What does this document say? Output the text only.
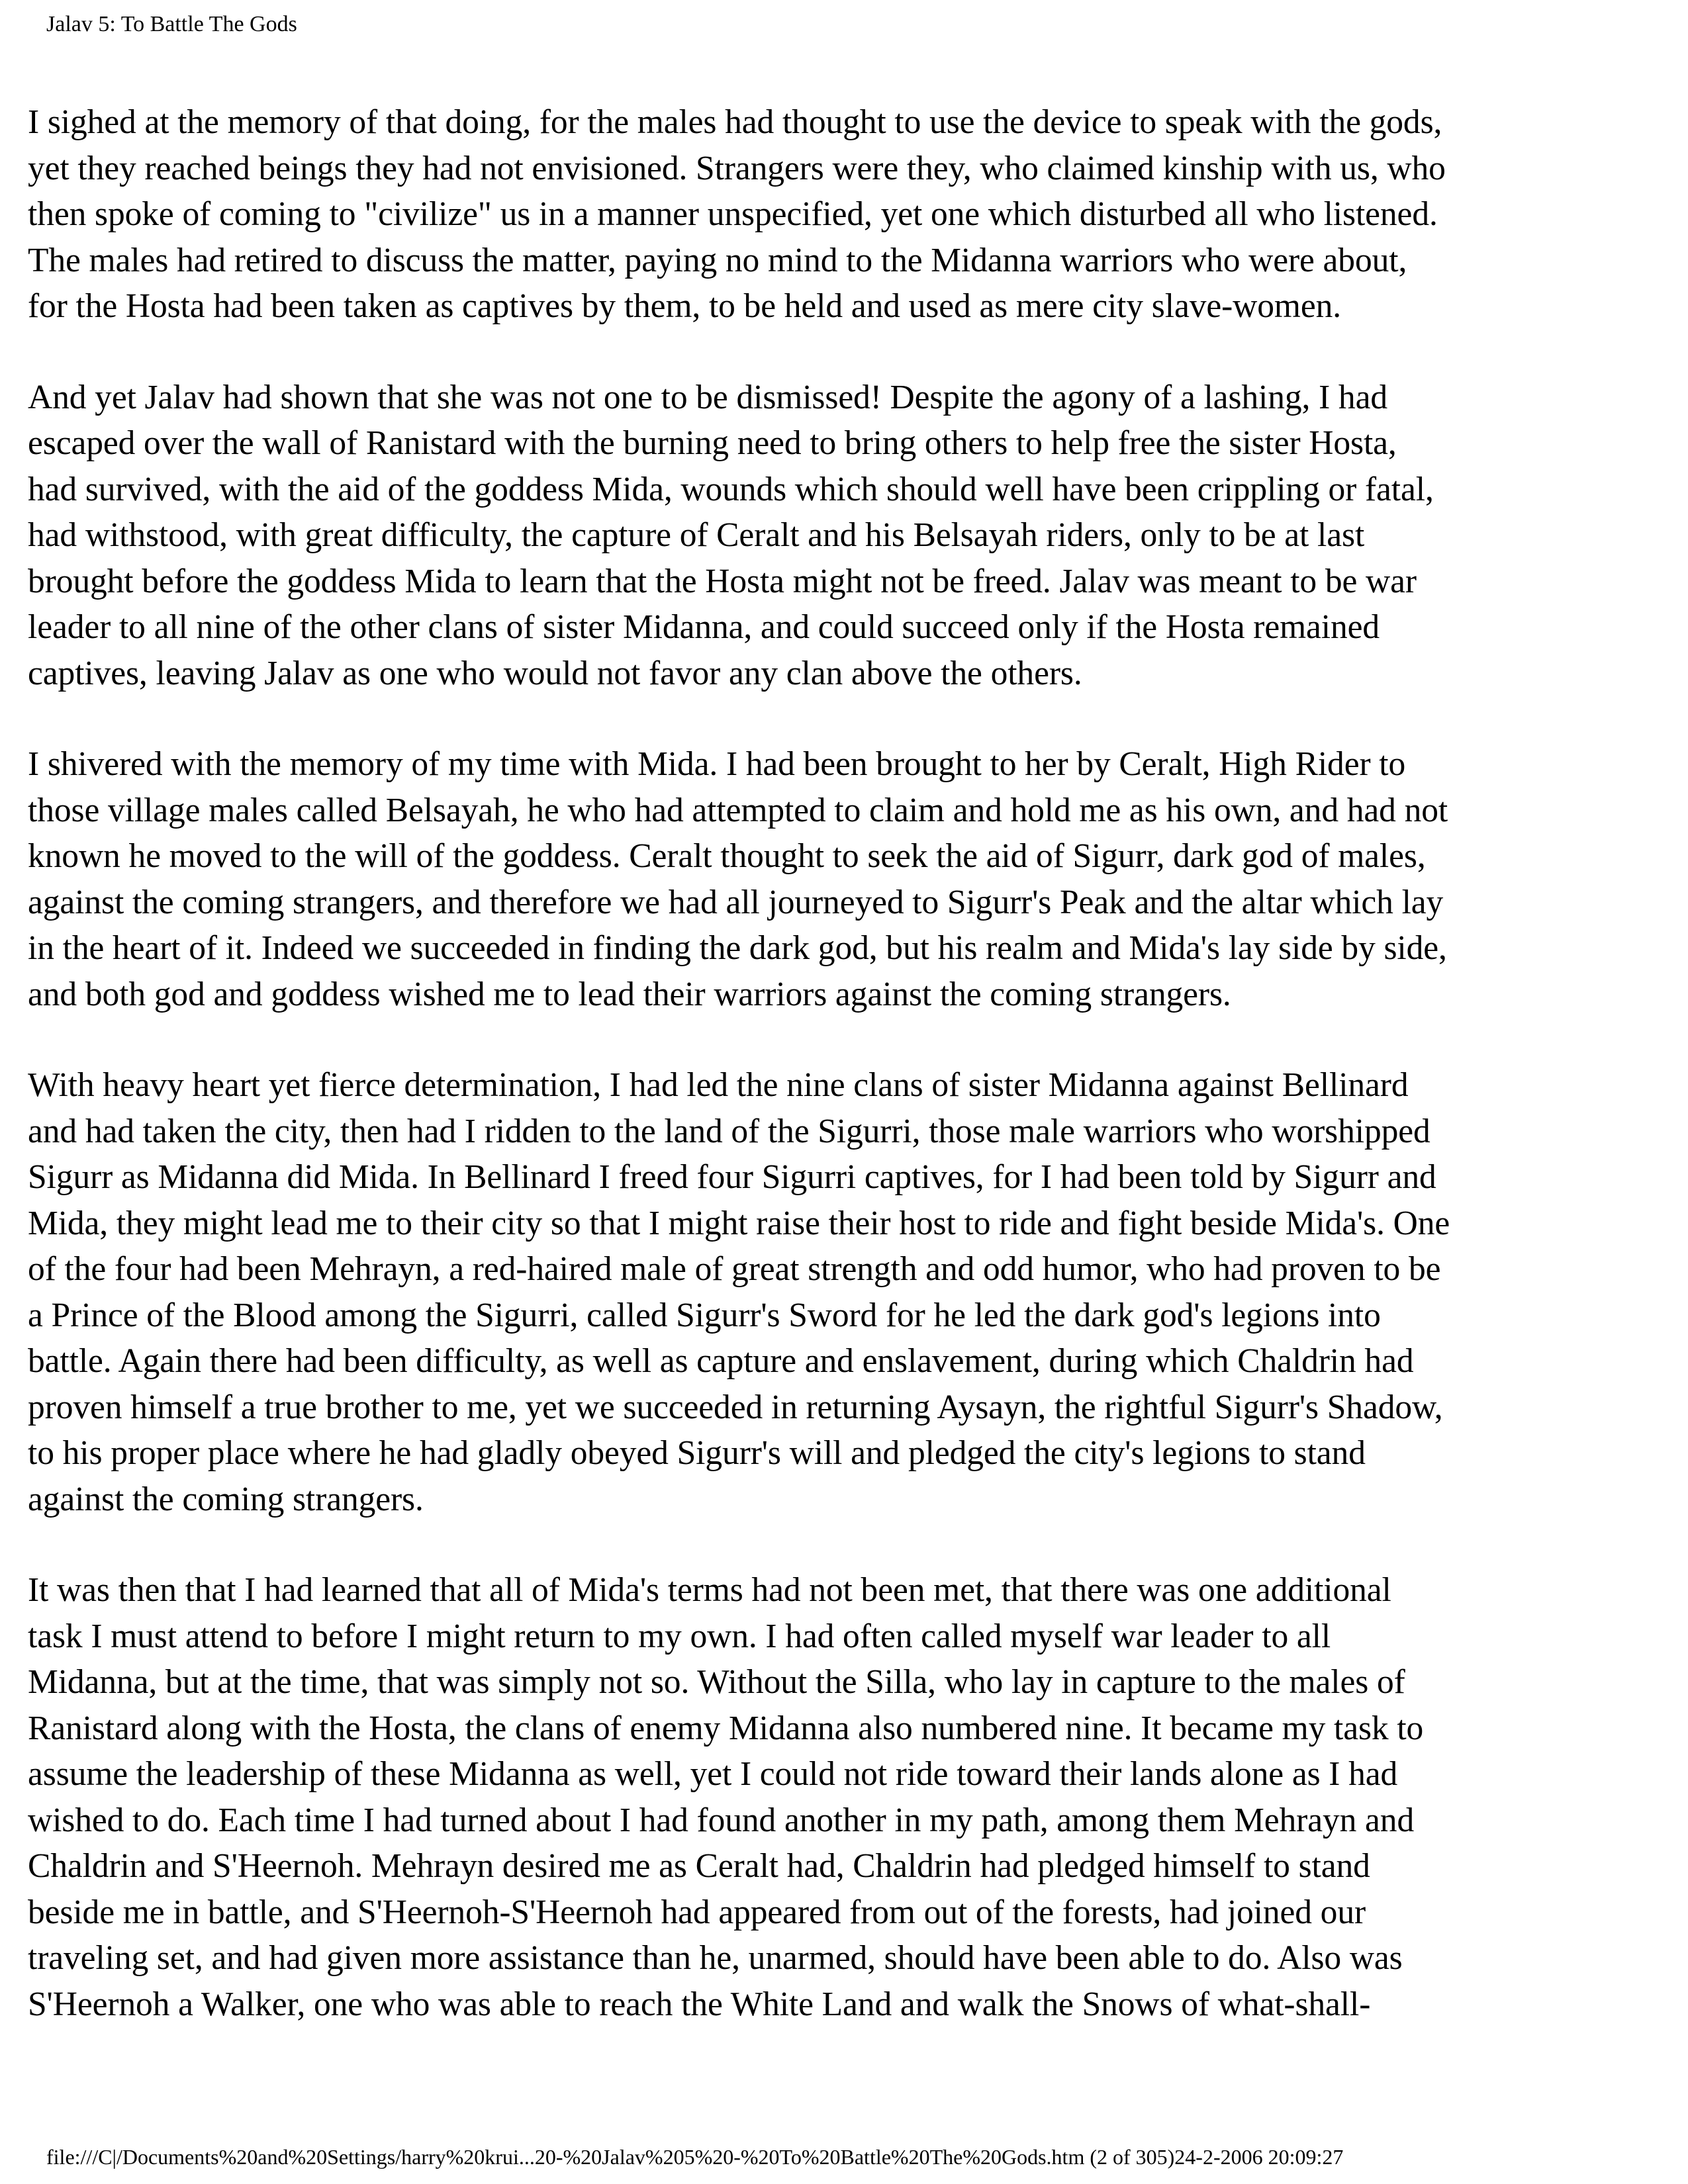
Jalav 5: To Battle The Gods

I sighed at the memory of that doing, for the males had thought to use the device to speak with the gods,
yet they reached beings they had not envisioned. Strangers were they, who claimed kinship with us, who
then spoke of coming to "civilize" us in a manner unspecified, yet one which disturbed all who listened.
The males had retired to discuss the matter, paying no mind to the Midanna warriors who were about,
for the Hosta had been taken as captives by them, to be held and used as mere city slave-women.

And yet Jalav had shown that she was not one to be dismissed! Despite the agony of a lashing, I had
escaped over the wall of Ranistard with the burning need to bring others to help free the sister Hosta,
had survived, with the aid of the goddess Mida, wounds which should well have been crippling or fatal,
had withstood, with great difficulty, the capture of Ceralt and his Belsayah riders, only to be at last
brought before the goddess Mida to learn that the Hosta might not be freed. Jalav was meant to be war
leader to all nine of the other clans of sister Midanna, and could succeed only if the Hosta remained
captives, leaving Jalav as one who would not favor any clan above the others.

I shivered with the memory of my time with Mida. I had been brought to her by Ceralt, High Rider to
those village males called Belsayah, he who had attempted to claim and hold me as his own, and had not
known he moved to the will of the goddess. Ceralt thought to seek the aid of Sigurr, dark god of males,
against the coming strangers, and therefore we had all journeyed to Sigurr's Peak and the altar which lay
in the heart of it. Indeed we succeeded in finding the dark god, but his realm and Mida's lay side by side,
and both god and goddess wished me to lead their warriors against the coming strangers.

With heavy heart yet fierce determination, I had led the nine clans of sister Midanna against Bellinard
and had taken the city, then had I ridden to the land of the Sigurri, those male warriors who worshipped
Sigurr as Midanna did Mida. In Bellinard I freed four Sigurri captives, for I had been told by Sigurr and
Mida, they might lead me to their city so that I might raise their host to ride and fight beside Mida's. One
of the four had been Mehrayn, a red-haired male of great strength and odd humor, who had proven to be
a Prince of the Blood among the Sigurri, called Sigurr's Sword for he led the dark god's legions into
battle. Again there had been difficulty, as well as capture and enslavement, during which Chaldrin had
proven himself a true brother to me, yet we succeeded in returning Aysayn, the rightful Sigurr's Shadow,
to his proper place where he had gladly obeyed Sigurr's will and pledged the city's legions to stand
against the coming strangers.

It was then that I had learned that all of Mida's terms had not been met, that there was one additional
task I must attend to before I might return to my own. I had often called myself war leader to all
Midanna, but at the time, that was simply not so. Without the Silla, who lay in capture to the males of
Ranistard along with the Hosta, the clans of enemy Midanna also numbered nine. It became my task to
assume the leadership of these Midanna as well, yet I could not ride toward their lands alone as I had
wished to do. Each time I had turned about I had found another in my path, among them Mehrayn and
Chaldrin and S'Heernoh. Mehrayn desired me as Ceralt had, Chaldrin had pledged himself to stand
beside me in battle, and S'Heernoh-S'Heernoh had appeared from out of the forests, had joined our
traveling set, and had given more assistance than he, unarmed, should have been able to do. Also was
S'Heernoh a Walker, one who was able to reach the White Land and walk the Snows of what-shall-

file:///C|/Documents%20and%20Settings/harry%20krui...20-%20Jalav%205%20-%20To%20Battle%20The%20Gods.htm (2 of 305)24-2-2006 20:09:27
